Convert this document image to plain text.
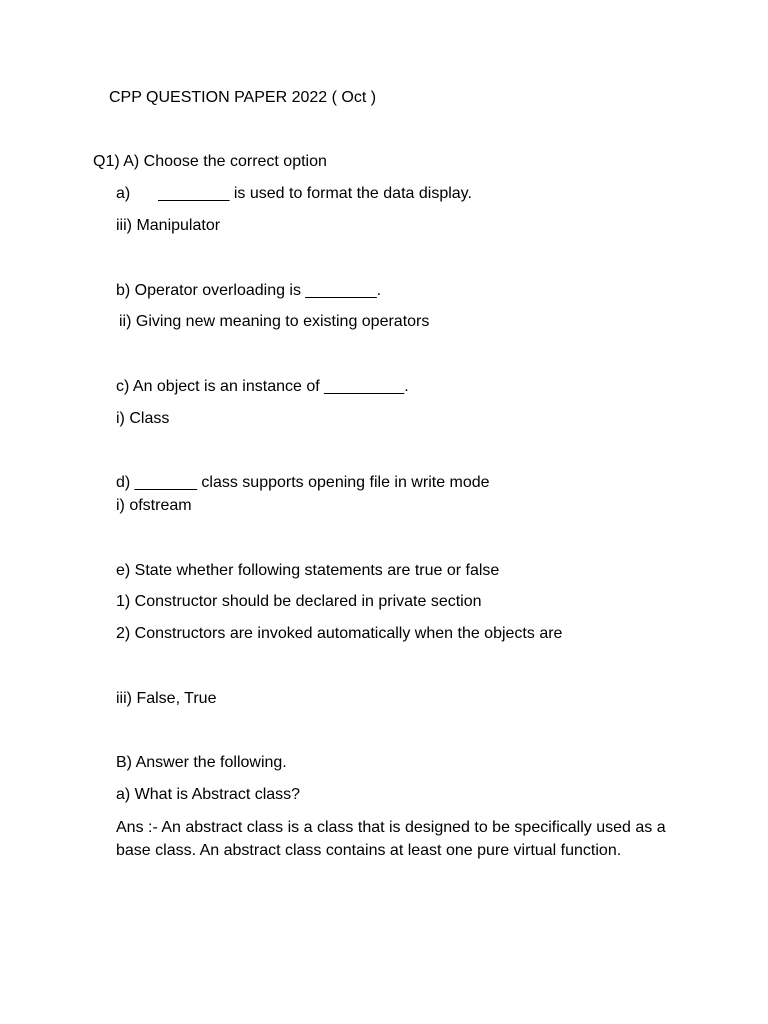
CPP QUESTION PAPER 2022 ( Oct )
Q1) A) Choose the correct option
a) ________ is used to format the data display.
iii) Manipulator
b) Operator overloading is ________.
ii) Giving new meaning to existing operators
c) An object is an instance of _________.
i) Class
d) _______ class supports opening file in write mode
i) ofstream
e) State whether following statements are true or false
1) Constructor should be declared in private section
2) Constructors are invoked automatically when the objects are
iii) False, True
B) Answer the following.
a) What is Abstract class?
Ans :- An abstract class is a class that is designed to be specifically used as a base class. An abstract class contains at least one pure virtual function.
